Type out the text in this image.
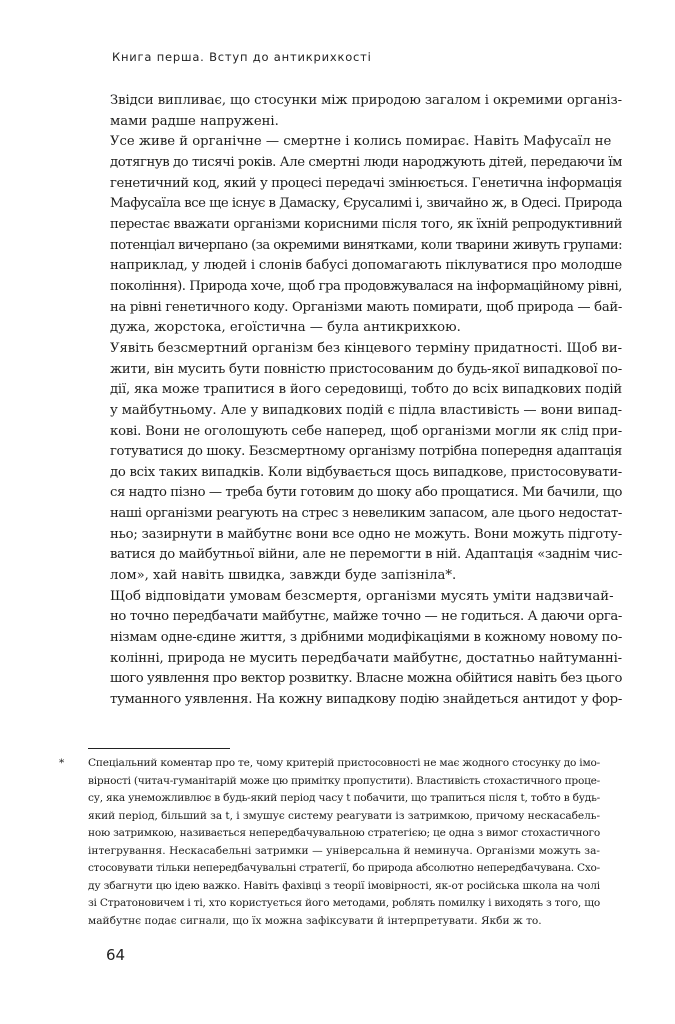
Книга перша. Вступ до антикрихкості

Звідси випливає, що стосунки між природою загалом і окремими організ-
мами радше напружені.

Усе живе й органічне — смертне і колись помирає. Навіть Мафусаїл не
дотягнув до тисячі років. Але смертні люди народжують дітей, передаючи їм
генетичний код, який у процесі передачі змінюється. Генетична інформація
Мафусаїла все ще існує в Дамаску, Єрусалимі і, звичайно ж, в Одесі. Природа
перестає вважати організми корисними після того, як їхній репродуктивний
потенціал вичерпано (за окремими винятками, коли тварини живуть групами:
наприклад, у людей і слонів бабусі допомагають піклуватися про молодше
покоління). Природа хоче, щоб гра продовжувалася на інформаційному рівні,
на рівні генетичного коду. Організми мають помирати, щоб природа — бай-
дужа, жорстока, егоїстична — була антикрихкою.

Уявіть безсмертний організм без кінцевого терміну придатності. Щоб ви-
жити, він мусить бути повністю пристосованим до будь-якої випадкової по-
дії, яка може трапитися в його середовищі, тобто до всіх випадкових подій
у майбутньому. Але у випадкових подій є підла властивість — вони випад-
кові. Вони не оголошують себе наперед, щоб організми могли як слід при-
готуватися до шоку. Безсмертному організму потрібна попередня адаптація
до всіх таких випадків. Коли відбувається щось випадкове, пристосовувати-
ся надто пізно — треба бути готовим до шоку або прощатися. Ми бачили, що
наші організми реагують на стрес з невеликим запасом, але цього недостат-
ньо; зазирнути в майбутнє вони все одно не можуть. Вони можуть підготу-
ватися до майбутньої війни, але не перемогти в ній. Адаптація «заднім чис-
лом», хай навіть швидка, завжди буде запізніла*.

Щоб відповідати умовам безсмертя, організми мусять уміти надзвичай-
но точно передбачати майбутнє, майже точно — не годиться. А даючи орга-
нізмам одне-єдине життя, з дрібними модифікаціями в кожному новому по-
колінні, природа не мусить передбачати майбутнє, достатньо найтуманні-
шого уявлення про вектор розвитку. Власне можна обійтися навіть без цього
туманного уявлення. На кожну випадкову подію знайдеться антидот у фор-

* Спеціальний коментар про те, чому критерій пристосовності не має жодного стосунку до імо-
вірності (читач-гуманітарій може цю примітку пропустити). Властивість стохастичного проце-
су, яка унеможливлює в будь-який період часу t побачити, що трапиться після t, тобто в будь-
який період, більший за t, і змушує систему реагувати із затримкою, причому нескасабель-
ною затримкою, називається непередбачувальною стратегією; це одна з вимог стохастичного
інтегрування. Нескасабельні затримки — універсальна й неминуча. Організми можуть за-
стосовувати тільки непередбачувальні стратегії, бо природа абсолютно непередбачувана. Схо-
ду збагнути цю ідею важко. Навіть фахівці з теорії імовірності, як-от російська школа на чолі
зі Стратоновичем і ті, хто користується його методами, роблять помилку і виходять з того, що
майбутнє подає сигнали, що їх можна зафіксувати й інтерпретувати. Якби ж то.
64
